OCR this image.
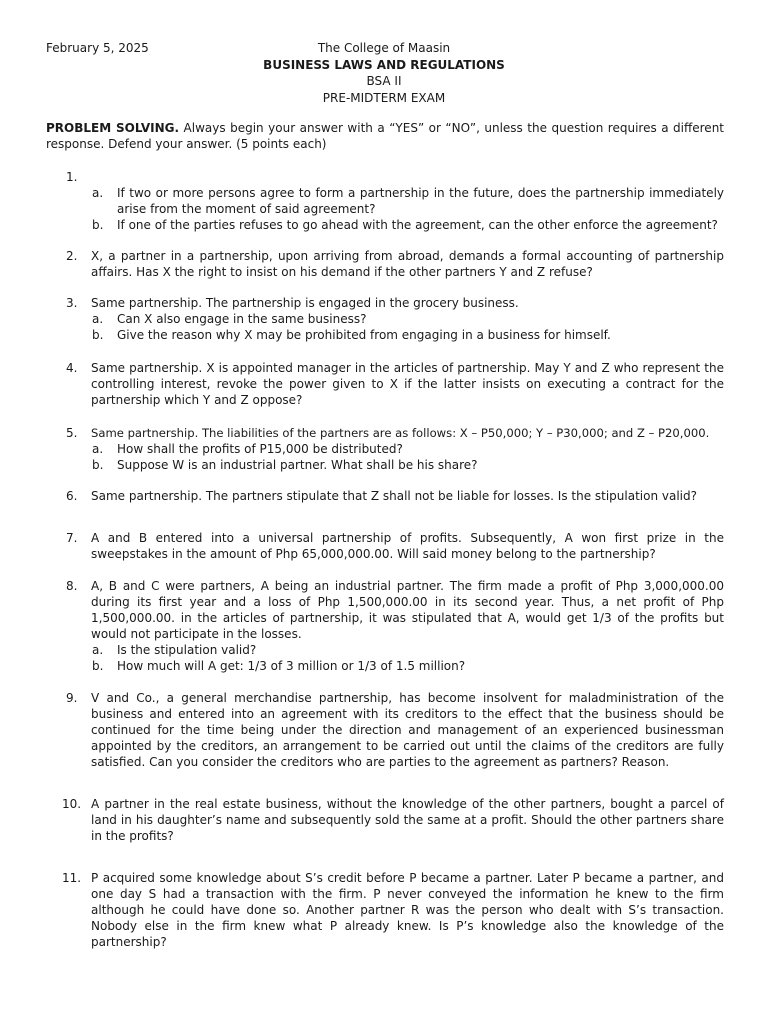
February 5, 2025	The College of Maasin
BUSINESS LAWS AND REGULATIONS
BSA II
PRE-MIDTERM EXAM
PROBLEM SOLVING. Always begin your answer with a “YES” or “NO”, unless the question requires a different response. Defend your answer. (5 points each)
1.
a. If two or more persons agree to form a partnership in the future, does the partnership immediately arise from the moment of said agreement?
b. If one of the parties refuses to go ahead with the agreement, can the other enforce the agreement?
2. X, a partner in a partnership, upon arriving from abroad, demands a formal accounting of partnership affairs. Has X the right to insist on his demand if the other partners Y and Z refuse?
3. Same partnership. The partnership is engaged in the grocery business.
a. Can X also engage in the same business?
b. Give the reason why X may be prohibited from engaging in a business for himself.
4. Same partnership. X is appointed manager in the articles of partnership. May Y and Z who represent the controlling interest, revoke the power given to X if the latter insists on executing a contract for the partnership which Y and Z oppose?
5. Same partnership. The liabilities of the partners are as follows: X – P50,000; Y – P30,000; and Z – P20,000.
a. How shall the profits of P15,000 be distributed?
b. Suppose W is an industrial partner. What shall be his share?
6. Same partnership. The partners stipulate that Z shall not be liable for losses. Is the stipulation valid?
7. A and B entered into a universal partnership of profits. Subsequently, A won first prize in the sweepstakes in the amount of Php 65,000,000.00. Will said money belong to the partnership?
8. A, B and C were partners, A being an industrial partner. The firm made a profit of Php 3,000,000.00 during its first year and a loss of Php 1,500,000.00 in its second year. Thus, a net profit of Php 1,500,000.00. in the articles of partnership, it was stipulated that A, would get 1/3 of the profits but would not participate in the losses.
a. Is the stipulation valid?
b. How much will A get: 1/3 of 3 million or 1/3 of 1.5 million?
9. V and Co., a general merchandise partnership, has become insolvent for maladministration of the business and entered into an agreement with its creditors to the effect that the business should be continued for the time being under the direction and management of an experienced businessman appointed by the creditors, an arrangement to be carried out until the claims of the creditors are fully satisfied. Can you consider the creditors who are parties to the agreement as partners? Reason.
10. A partner in the real estate business, without the knowledge of the other partners, bought a parcel of land in his daughter’s name and subsequently sold the same at a profit. Should the other partners share in the profits?
11. P acquired some knowledge about S’s credit before P became a partner. Later P became a partner, and one day S had a transaction with the firm. P never conveyed the information he knew to the firm although he could have done so. Another partner R was the person who dealt with S’s transaction. Nobody else in the firm knew what P already knew. Is P’s knowledge also the knowledge of the partnership?
